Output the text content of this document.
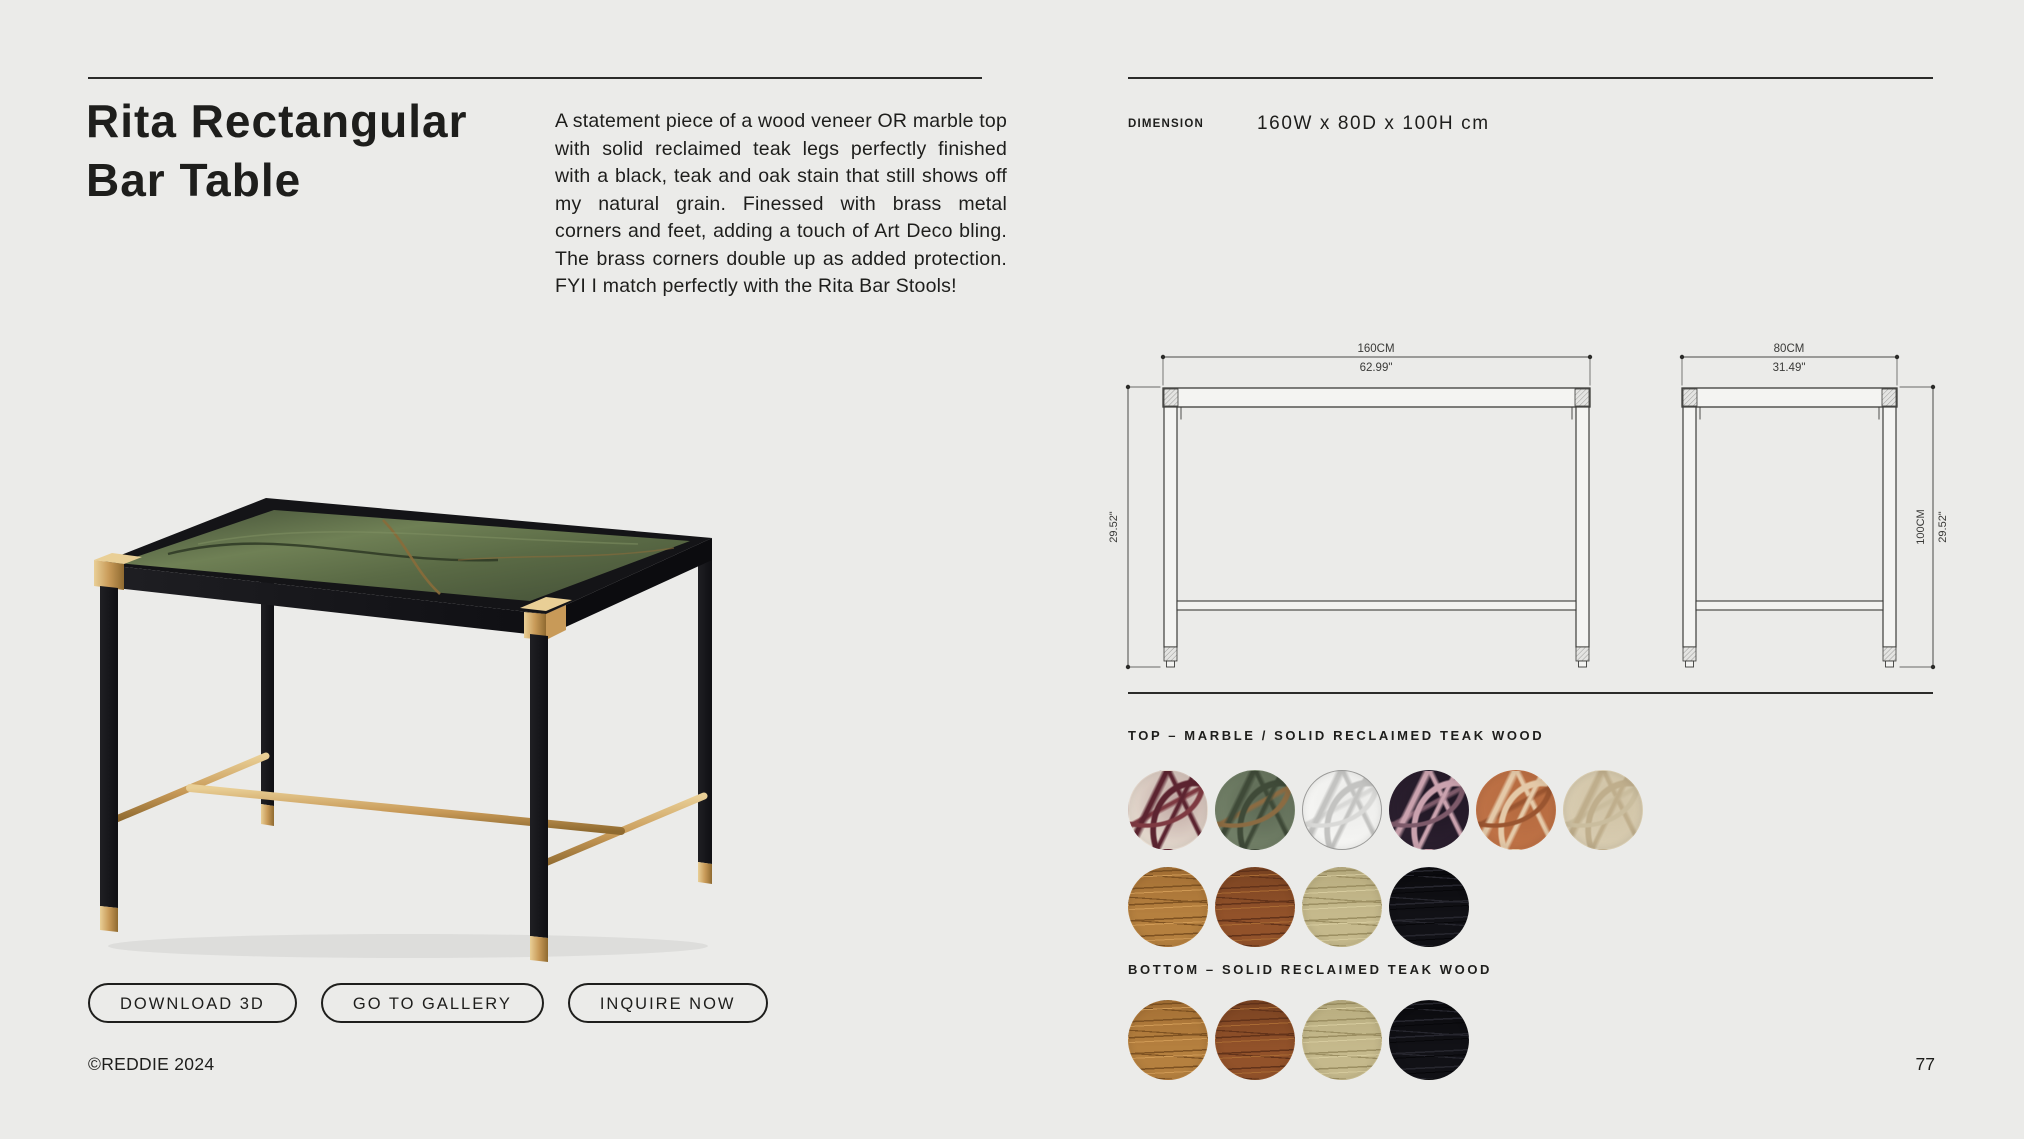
Rita Rectangular Bar Table

A statement piece of a wood veneer OR marble top with solid reclaimed teak legs perfectly finished with a black, teak and oak stain that still shows off my natural grain. Finessed with brass metal corners and feet, adding a touch of Art Deco bling. The brass corners double up as added protection. FYI I match perfectly with the Rita Bar Stools!

DOWNLOAD 3D	GO TO GALLERY	INQUIRE NOW
©REDDIE 2024	77
DIMENSION	160W x 80D x 100H cm
160CM
62.99"
29.52"
80CM
31.49"
100CM 29.52"
TOP – MARBLE / SOLID RECLAIMED TEAK WOOD
BOTTOM – SOLID RECLAIMED TEAK WOOD
